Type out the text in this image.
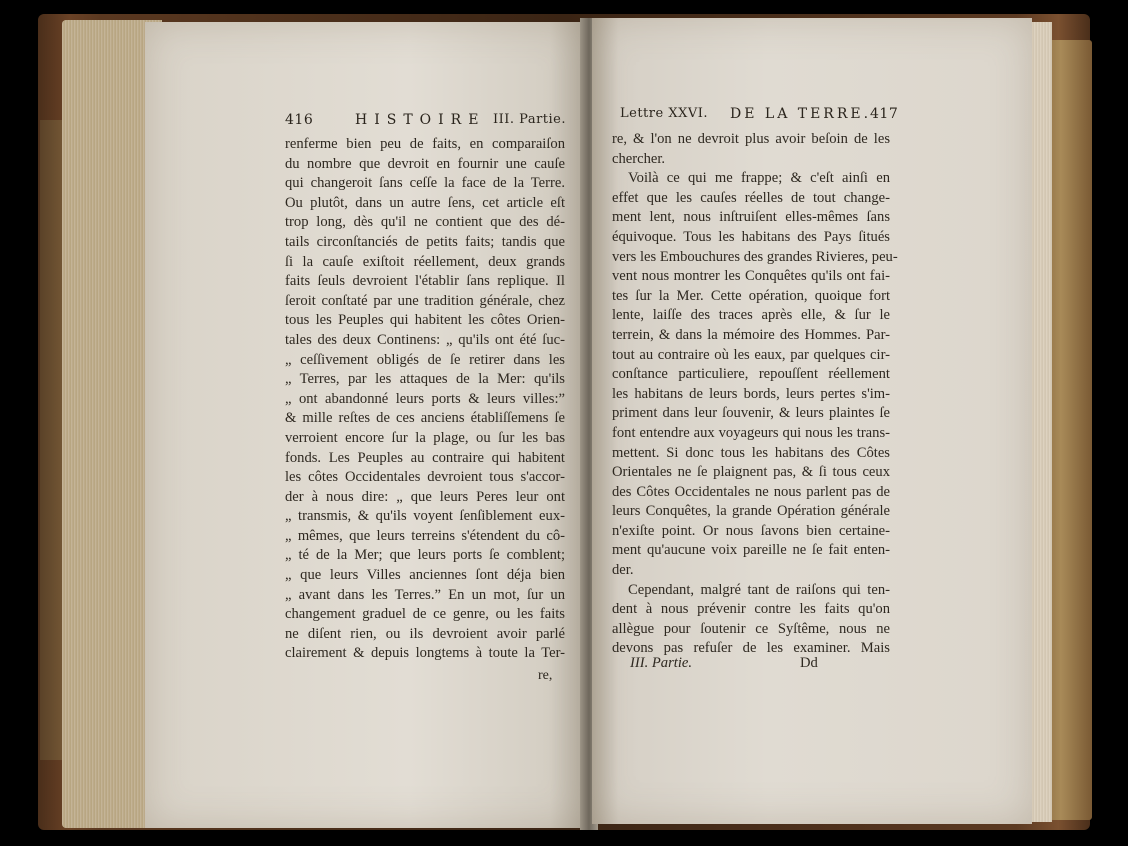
416	HISTOIRE III. Partie.
renferme bien peu de faits, en comparaiſon
du nombre que devroit en fournir une cauſe
qui changeroit ſans ceſſe la face de la Terre.
Ou plutôt, dans un autre ſens, cet article eſt
trop long, dès qu'il ne contient que des dé-
tails circonſtanciés de petits faits; tandis que
ſi la cauſe exiſtoit réellement, deux grands
faits ſeuls devroient l'établir ſans replique. Il
ſeroit conſtaté par une tradition générale, chez
tous les Peuples qui habitent les côtes Orien-
tales des deux Continens: „ qu'ils ont été ſuc-
„ ceſſivement obligés de ſe retirer dans les
„ Terres, par les attaques de la Mer: qu'ils
„ ont abandonné leurs ports & leurs villes:”
& mille reſtes de ces anciens établiſſemens ſe
verroient encore ſur la plage, ou ſur les bas
fonds. Les Peuples au contraire qui habitent
les côtes Occidentales devroient tous s'accor-
der à nous dire: „ que leurs Peres leur ont
„ transmis, & qu'ils voyent ſenſiblement eux-
„ mêmes, que leurs terreins s'étendent du cô-
„ té de la Mer; que leurs ports ſe comblent;
„ que leurs Villes anciennes ſont déja bien
„ avant dans les Terres.” En un mot, ſur un
changement graduel de ce genre, ou les faits
ne diſent rien, ou ils devroient avoir parlé
clairement & depuis longtems à toute la Ter-
re,
Lettre XXVI. DE LA TERRE.
417
re, & l'on ne devroit plus avoir beſoin de les
chercher.
Voilà ce qui me frappe; & c'eſt ainſi en
effet que les cauſes réelles de tout change-
ment lent, nous inſtruiſent elles-mêmes ſans
équivoque. Tous les habitans des Pays ſitués
vers les Embouchures des grandes Rivieres, peu-
vent nous montrer les Conquêtes qu'ils ont fai-
tes ſur la Mer. Cette opération, quoique fort
lente, laiſſe des traces après elle, & ſur le
terrein, & dans la mémoire des Hommes. Par-
tout au contraire où les eaux, par quelques cir-
conſtance particuliere, repouſſent réellement
les habitans de leurs bords, leurs pertes s'im-
priment dans leur ſouvenir, & leurs plaintes ſe
font entendre aux voyageurs qui nous les trans-
mettent. Si donc tous les habitans des Côtes
Orientales ne ſe plaignent pas, & ſi tous ceux
des Côtes Occidentales ne nous parlent pas de
leurs Conquêtes, la grande Opération générale
n'exiſte point. Or nous ſavons bien certaine-
ment qu'aucune voix pareille ne ſe fait enten-
der.
Cependant, malgré tant de raiſons qui ten-
dent à nous prévenir contre les faits qu'on
allègue pour ſoutenir ce Syſtême, nous ne
devons pas refuſer de les examiner. Mais
III. Partie.	Dd
